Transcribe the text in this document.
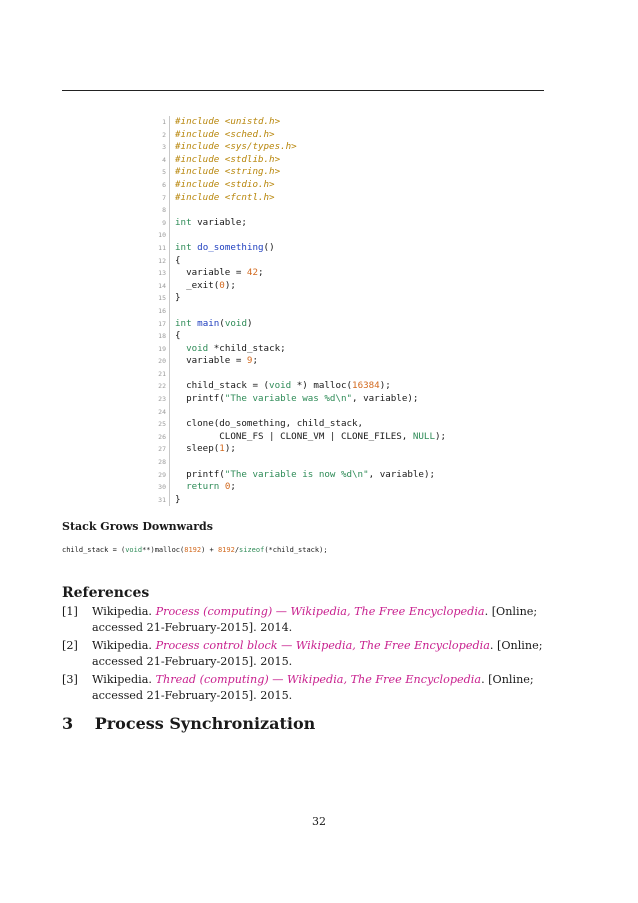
1 #include <unistd.h>
2 #include <sched.h>
3 #include <sys/types.h>
4 #include <stdlib.h>
5 #include <string.h>
6 #include <stdio.h>
7 #include <fcntl.h>
8
9 int variable;
10
11 int do_something()
12 {
13 variable = 42;
14 _exit(0);
15 }
16
17 int main(void)
18 {
19	void *child_stack;
20 variable = 9;
21
22 child_stack = (void *) malloc(16384);
23 printf("The variable was %d\n", variable);
24
25 clone(do_something, child_stack,
26 CLONE_FS | CLONE_VM | CLONE_FILES, NULL);
27 sleep(1);
28
29 printf("The variable is now %d\n", variable);
30	return 0;
31 }
Stack Grows Downwards
child_stack = (void**)malloc(8192) + 8192/sizeof(*child_stack);
References
[1]	Wikipedia. Process (computing) — Wikipedia, The Free Encyclopedia. [Online; accessed 21-February-2015]. 2014.
[2]	Wikipedia. Process control block — Wikipedia, The Free Encyclopedia. [Online; accessed 21-February-2015]. 2015.
[3]	Wikipedia. Thread (computing) — Wikipedia, The Free Encyclopedia. [Online; accessed 21-February-2015]. 2015.
3 Process Synchronization
32
